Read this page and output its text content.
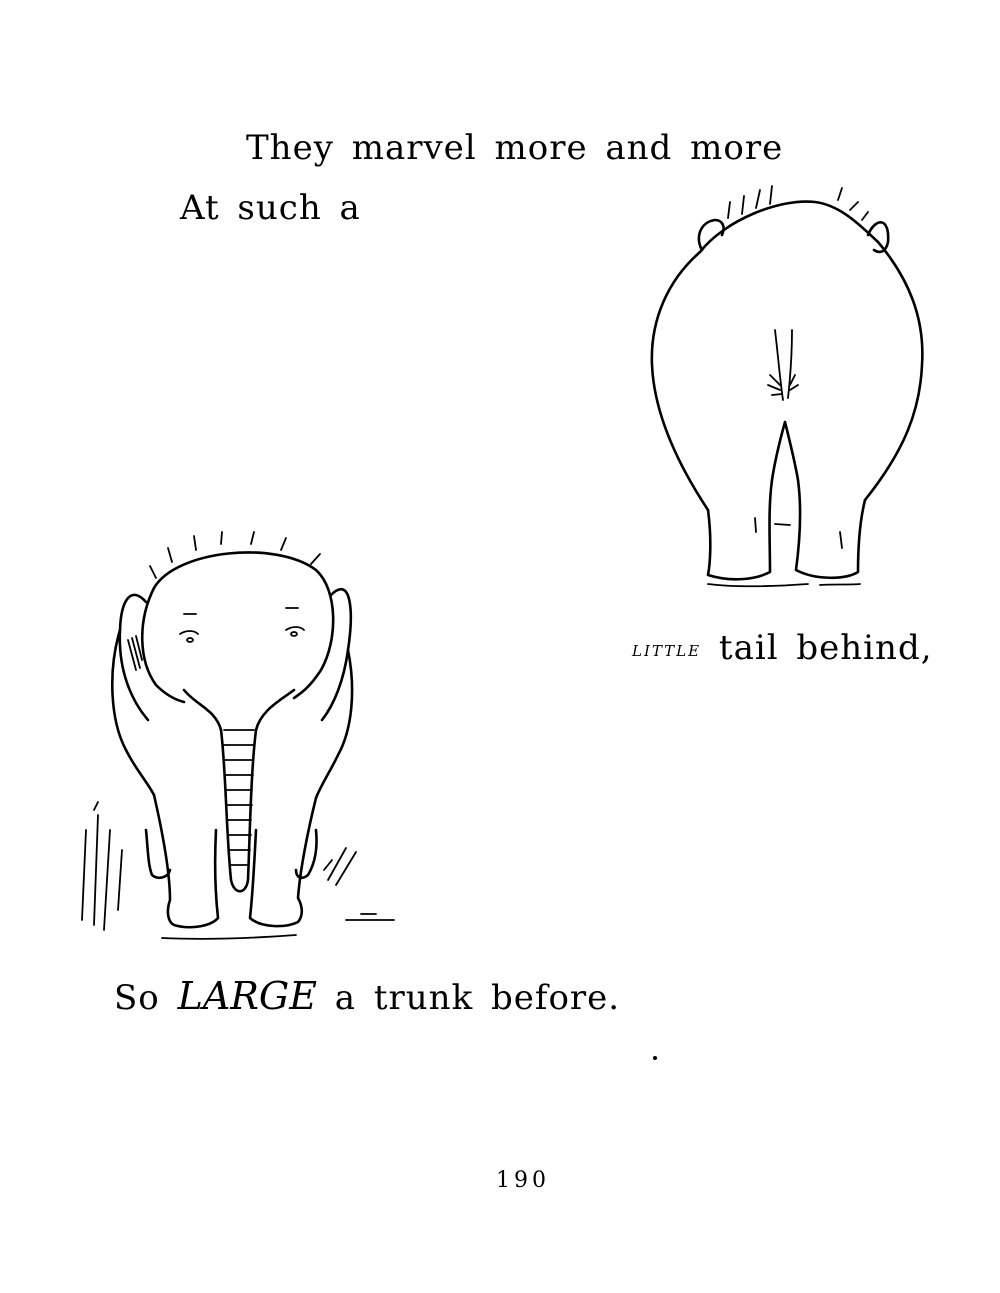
They marvel more and more
At such a
LITTLE tail behind,
So LARGE a trunk before.
190
